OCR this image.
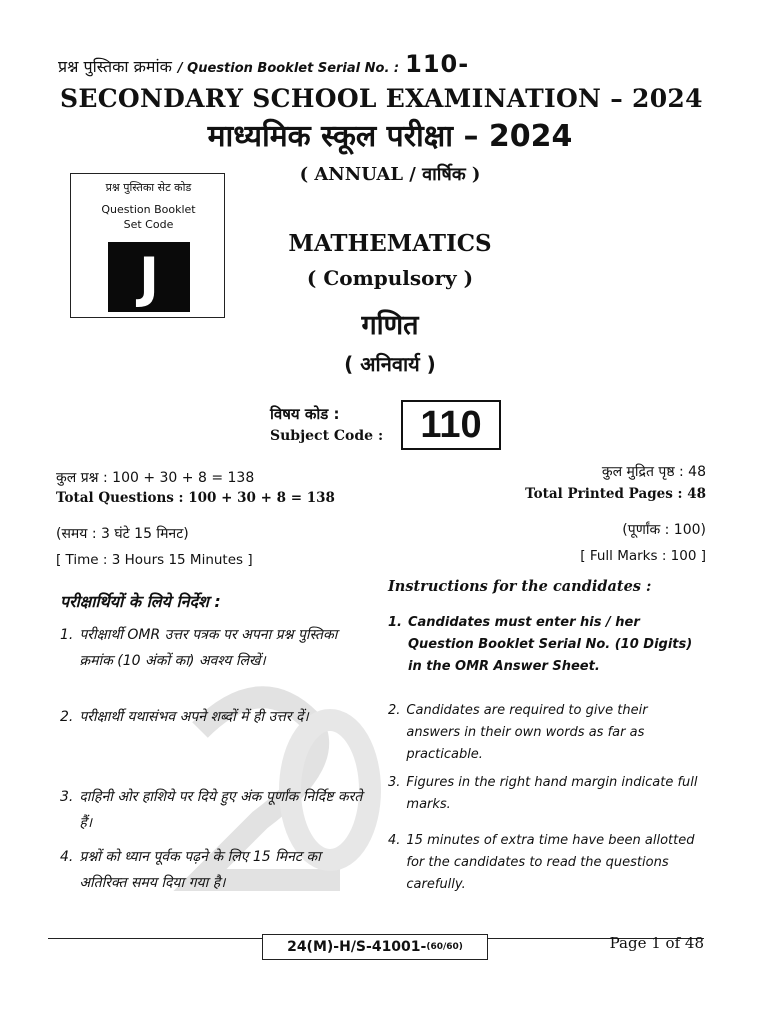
प्रश्न पुस्तिका क्रमांक / Question Booklet Serial No. : 110-
SECONDARY SCHOOL EXAMINATION – 2024
माध्यमिक स्कूल परीक्षा – 2024
( ANNUAL / वार्षिक )
प्रश्न पुस्तिका सेट कोड
Question Booklet
Set Code
J
MATHEMATICS
( Compulsory )
गणित
( अनिवार्य )
विषय कोड :
Subject Code : 110
कुल प्रश्न : 100 + 30 + 8 = 138
Total Questions : 100 + 30 + 8 = 138
कुल मुद्रित पृष्ठ : 48
Total Printed Pages : 48
(समय : 3 घंटे 15 मिनट)
[ Time : 3 Hours 15 Minutes ]
(पूर्णांक : 100)
[ Full Marks : 100 ]
परीक्षार्थियों के लिये निर्देश :
Instructions for the candidates :
1. परीक्षार्थी OMR उत्तर पत्रक पर अपना प्रश्न पुस्तिका क्रमांक (10 अंकों का) अवश्य लिखें।
2. परीक्षार्थी यथासंभव अपने शब्दों में ही उत्तर दें।
3. दाहिनी ओर हाशिये पर दिये हुए अंक पूर्णांक निर्दिष्ट करते हैं।
4. प्रश्नों को ध्यान पूर्वक पढ़ने के लिए 15 मिनट का अतिरिक्त समय दिया गया है।
1. Candidates must enter his / her Question Booklet Serial No. (10 Digits) in the OMR Answer Sheet.
2. Candidates are required to give their answers in their own words as far as practicable.
3. Figures in the right hand margin indicate full marks.
4. 15 minutes of extra time have been allotted for the candidates to read the questions carefully.
24(M)-H/S-41001- (60/60)	Page 1 of 48
